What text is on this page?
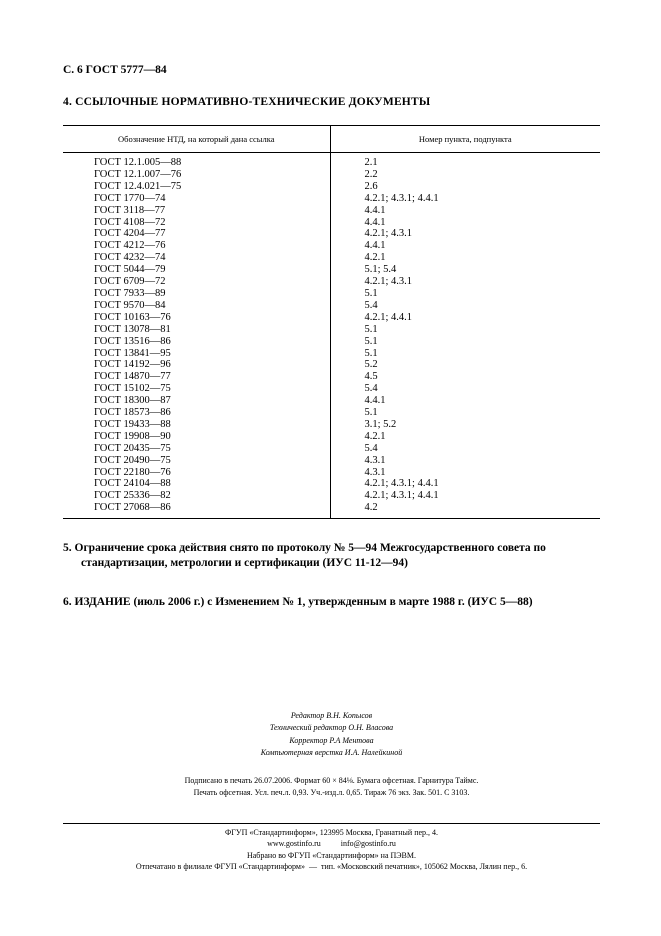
С. 6 ГОСТ 5777—84
4. ССЫЛОЧНЫЕ НОРМАТИВНО-ТЕХНИЧЕСКИЕ ДОКУМЕНТЫ
Обозначение НТД, на который дана ссылка	Номер пункта, подпункта
ГОСТ 12.1.005—88	2.1
ГОСТ 12.1.007—76	2.2
ГОСТ 12.4.021—75	2.6
ГОСТ 1770—74	4.2.1; 4.3.1; 4.4.1
ГОСТ 3118—77	4.4.1
ГОСТ 4108—72	4.4.1
ГОСТ 4204—77	4.2.1; 4.3.1
ГОСТ 4212—76	4.4.1
ГОСТ 4232—74	4.2.1
ГОСТ 5044—79	5.1; 5.4
ГОСТ 6709—72	4.2.1; 4.3.1
ГОСТ 7933—89	5.1
ГОСТ 9570—84	5.4
ГОСТ 10163—76	4.2.1; 4.4.1
ГОСТ 13078—81	5.1
ГОСТ 13516—86	5.1
ГОСТ 13841—95	5.1
ГОСТ 14192—96	5.2
ГОСТ 14870—77	4.5
ГОСТ 15102—75	5.4
ГОСТ 18300—87	4.4.1
ГОСТ 18573—86	5.1
ГОСТ 19433—88	3.1; 5.2
ГОСТ 19908—90	4.2.1
ГОСТ 20435—75	5.4
ГОСТ 20490—75	4.3.1
ГОСТ 22180—76	4.3.1
ГОСТ 24104—88	4.2.1; 4.3.1; 4.4.1
ГОСТ 25336—82	4.2.1; 4.3.1; 4.4.1
ГОСТ 27068—86	4.2
5. Ограничение срока действия снято по протоколу № 5—94 Межгосударственного совета по стандартизации, метрологии и сертификации (ИУС 11-12—94)
6. ИЗДАНИЕ (июль 2006 г.) с Изменением № 1, утвержденным в марте 1988 г. (ИУС 5—88)
Редактор В.Н. Копысов
Технический редактор О.Н. Власова
Корректор Р.А Ментова
Компьютерная верстка И.А. Налейкиной
Подписано в печать 26.07.2006. Формат 60 × 84⅛. Бумага офсетная. Гарнитура Таймс.
Печать офсетная. Усл. печ.л. 0,93. Уч.-изд.л. 0,65. Тираж 76 экз. Зак. 501. С 3103.
ФГУП «Стандартинформ», 123995 Москва, Гранатный пер., 4.
www.gostinfo.ru          info@gostinfo.ru
Набрано во ФГУП «Стандартинформ» на ПЭВМ.
Отпечатано в филиале ФГУП «Стандартинформ»  —  тип. «Московский печатник», 105062 Москва, Лялин пер., 6.
